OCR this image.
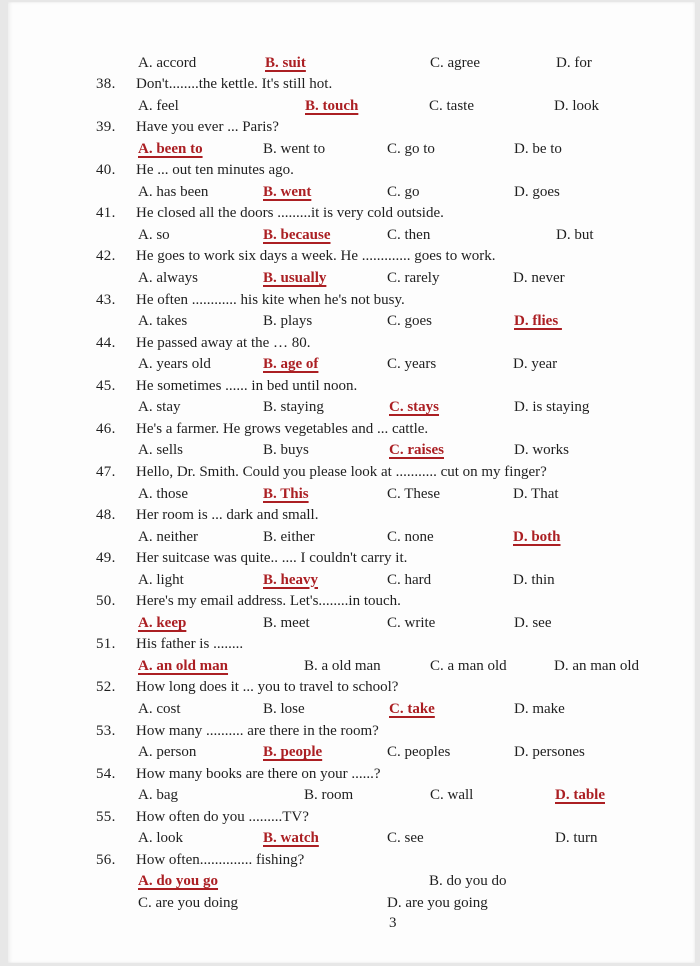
A. accord	B. suit	C. agree	D. for
38. Don't........the kettle. It's still hot.
A. feel	B. touch	C. taste	D. look
39. Have you ever ... Paris?
A. been to	B. went to	C. go to	D. be to
40. He ... out ten minutes ago.
A. has been	B. went	C. go	D. goes
41. He closed all the doors .........it is very cold outside.
A. so	B. because	C. then	D. but
42. He goes to work six days a week. He ............. goes to work.
A. always	B. usually	C. rarely	D. never
43. He often ............ his kite when he's not busy.
A. takes	B. plays	C. goes	D. flies
44. He passed away at the … 80.
A. years old	B. age of	C. years	D. year
45. He sometimes ...... in bed until noon.
A. stay	B. staying	C. stays	D. is staying
46. He's a farmer. He grows vegetables and ... cattle.
A. sells	B. buys	C. raises	D. works
47. Hello, Dr. Smith. Could you please look at ........... cut on my finger?
A. those	B. This	C. These	D. That
48. Her room is ... dark and small.
A. neither	B. either	C. none	D. both
49. Her suitcase was quite.. .... I couldn't carry it.
A. light	B. heavy	C. hard	D. thin
50. Here's my email address. Let's........in touch.
A. keep	B. meet	C. write	D. see
51. His father is ........
A. an old man	B. a old man	C. a man old	D. an man old
52. How long does it ... you to travel to school?
A. cost	B. lose	C. take	D. make
53. How many .......... are there in the room?
A. person	B. people	C. peoples	D. persones
54. How many books are there on your ......?
A. bag	B. room	C. wall	D. table
55. How often do you .........TV?
A. look	B. watch	C. see	D. turn
56. How often.............. fishing?
A. do you go	B. do you do
C. are you doing	D. are you going
3
